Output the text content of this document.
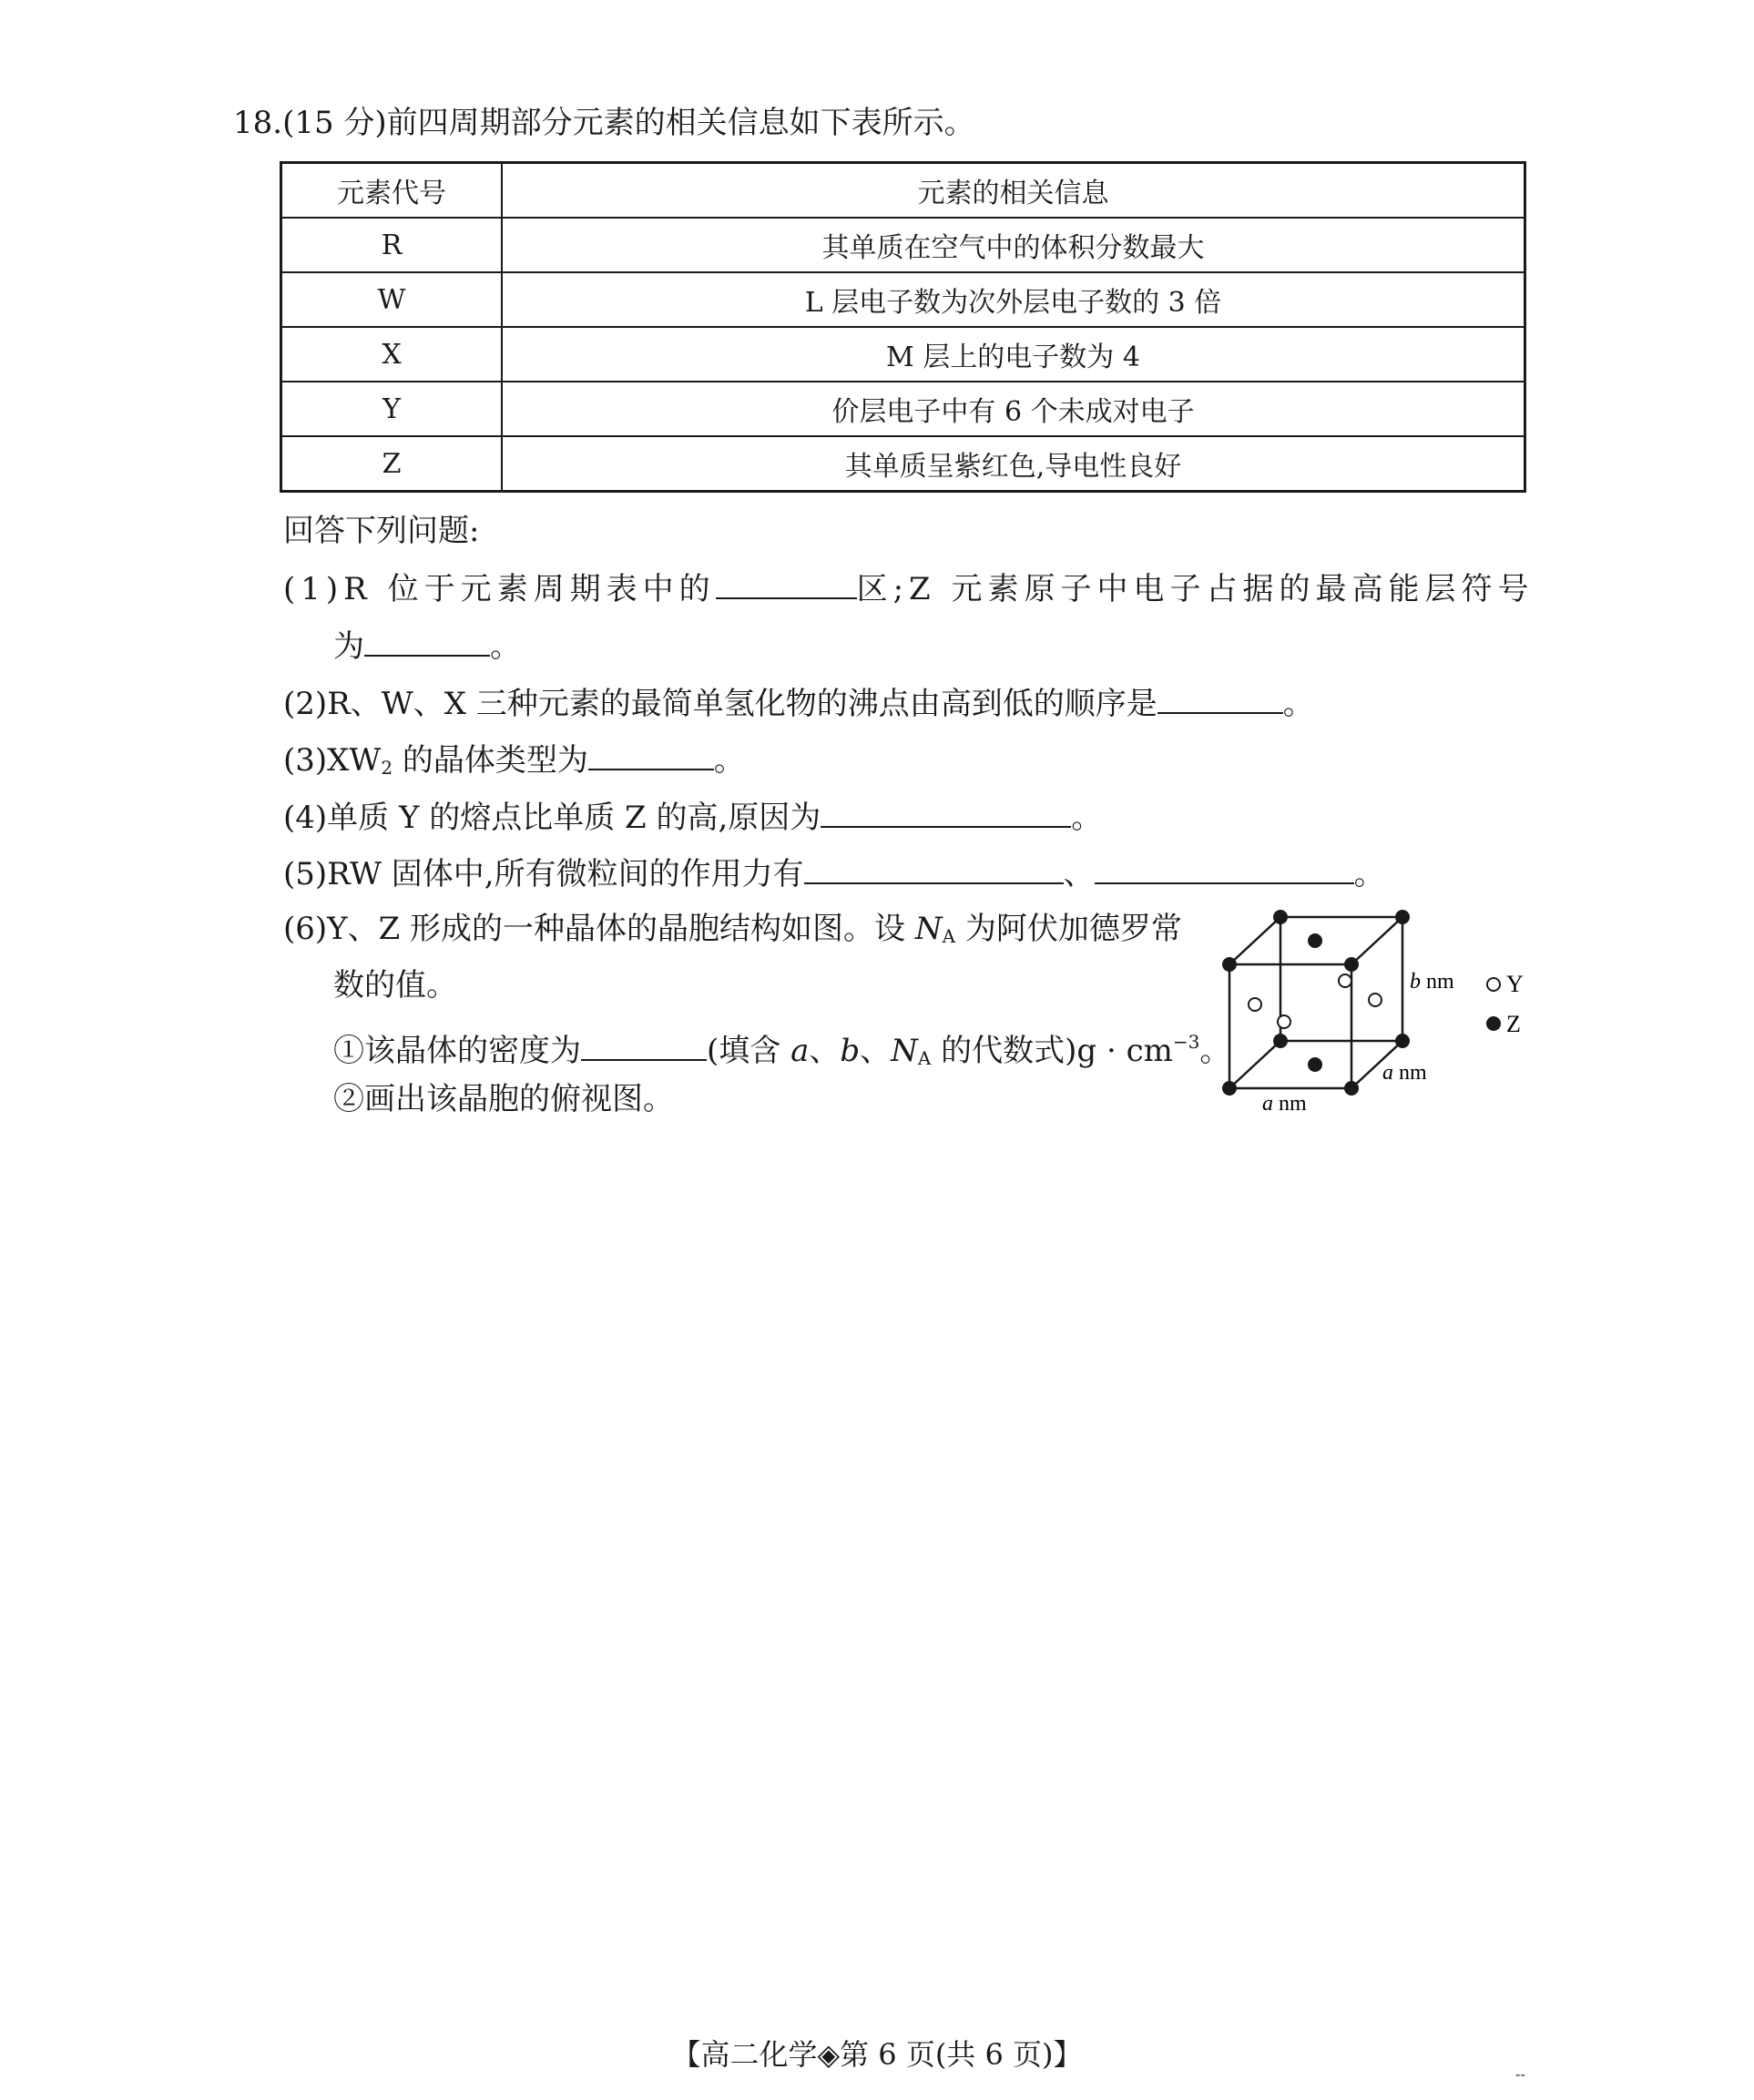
18.(15 分)前四周期部分元素的相关信息如下表所示。
元素代号	元素的相关信息
R	其单质在空气中的体积分数最大
W	L 层电子数为次外层电子数的 3 倍
X	M 层上的电子数为 4
Y	价层电子中有 6 个未成对电子
Z	其单质呈紫红色,导电性良好
回答下列问题:
(1)R 位于元素周期表中的	区;Z 元素原子中电子占据的最高能层符号
为	。
(2)R、W、X 三种元素的最简单氢化物的沸点由高到低的顺序是	。
$(3)XW_2$ 的晶体类型为	。
(4)单质 Y 的熔点比单质 Z 的高,原因为	。
(5)RW 固体中,所有微粒间的作用力有	、	。
(6)Y、Z 形成的一种晶体的晶胞结构如图。设 $N_A$ 为阿伏加德罗常
数的值。
①该晶体的密度为	(填含 a、b、$N_A$ 的代数式)$g \cdot cm^{-3}$。
②画出该晶胞的俯视图。
b nm
a nm
a nm
Y
Z
【高二化学◈第 6 页(共 6 页)】
--
